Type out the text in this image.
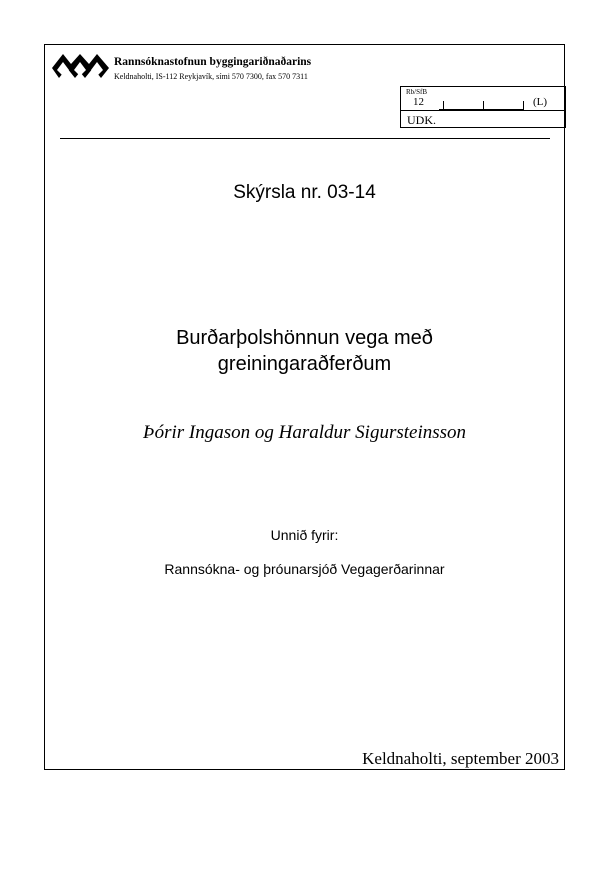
Rannsóknastofnun byggingariðnaðarins
Keldnaholti, IS-112 Reykjavík, sími 570 7300, fax 570 7311
Rb/SfB
12	(L)
UDK.
Skýrsla nr. 03-14
Burðarþolshönnun vega með
greiningaraðferðum
Þórir Ingason og Haraldur Sigursteinsson
Unnið fyrir:
Rannsókna- og þróunarsjóð Vegagerðarinnar
Keldnaholti, september 2003
